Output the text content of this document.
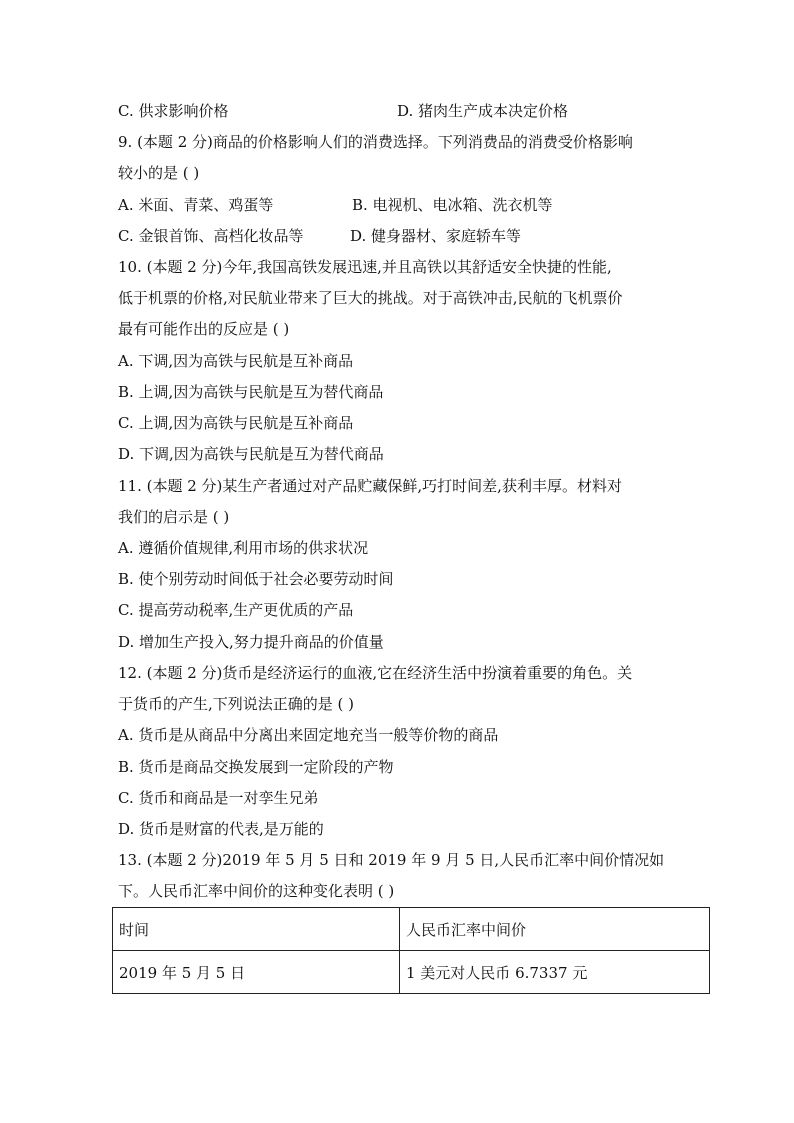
C. 供求影响价格	D. 猪肉生产成本决定价格
9. (本题 2 分)商品的价格影响人们的消费选择。下列消费品的消费受价格影响
较小的是 ( )
A. 米面、青菜、鸡蛋等	B. 电视机、电冰箱、洗衣机等
C. 金银首饰、高档化妆品等	D. 健身器材、家庭轿车等
10. (本题 2 分)今年,我国高铁发展迅速,并且高铁以其舒适安全快捷的性能,
低于机票的价格,对民航业带来了巨大的挑战。对于高铁冲击,民航的飞机票价
最有可能作出的反应是 ( )
A. 下调,因为高铁与民航是互补商品
B. 上调,因为高铁与民航是互为替代商品
C. 上调,因为高铁与民航是互补商品
D. 下调,因为高铁与民航是互为替代商品
11. (本题 2 分)某生产者通过对产品贮藏保鲜,巧打时间差,获利丰厚。材料对
我们的启示是 ( )
A. 遵循价值规律,利用市场的供求状况
B. 使个别劳动时间低于社会必要劳动时间
C. 提高劳动税率,生产更优质的产品
D. 增加生产投入,努力提升商品的价值量
12. (本题 2 分)货币是经济运行的血液,它在经济生活中扮演着重要的角色。关
于货币的产生,下列说法正确的是 ( )
A. 货币是从商品中分离出来固定地充当一般等价物的商品
B. 货币是商品交换发展到一定阶段的产物
C. 货币和商品是一对孪生兄弟
D. 货币是财富的代表,是万能的
13. (本题 2 分)2019 年 5 月 5 日和 2019 年 9 月 5 日,人民币汇率中间价情况如
下。人民币汇率中间价的这种变化表明 ( )
时间	人民币汇率中间价
2019 年 5 月 5 日	1 美元对人民币 6.7337 元
